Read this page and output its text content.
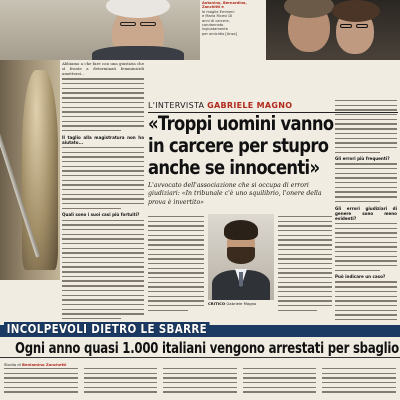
Antonino, Bernardina,
Zanchitti e
le moglie Emmeni
e Maria Ricevi DI
anni di carcere,
condannato
ingiustamente
per omicidio [Ansa]
Abbiamo a che fare con una giustizia che sì fronte a determinati femminicidi amettersi...
Il taglio alla magistratura non ha aiutato...
Quali sono i suoi casi più fortuiti?
Gli errori più frequenti?
Gli errori giudiziari di genere sono meno evidenti?
Può indicare un caso?
L'INTERVISTA GABRIELE MAGNO
«Troppi uomini vanno
in carcere per stupro
anche se innocenti»
L'avvocato dell'associazione che si occupa di errori giudiziari: «In tribunale c'è uno squilibrio, l'onere della prova è invertito»
CRITICO Gabriele Magno
INCOLPEVOLI DIETRO LE SBARRE
Ogni anno quasi 1.000 italiani vengono arrestati per sbaglio
Studio di Beniamino Zanchetti
